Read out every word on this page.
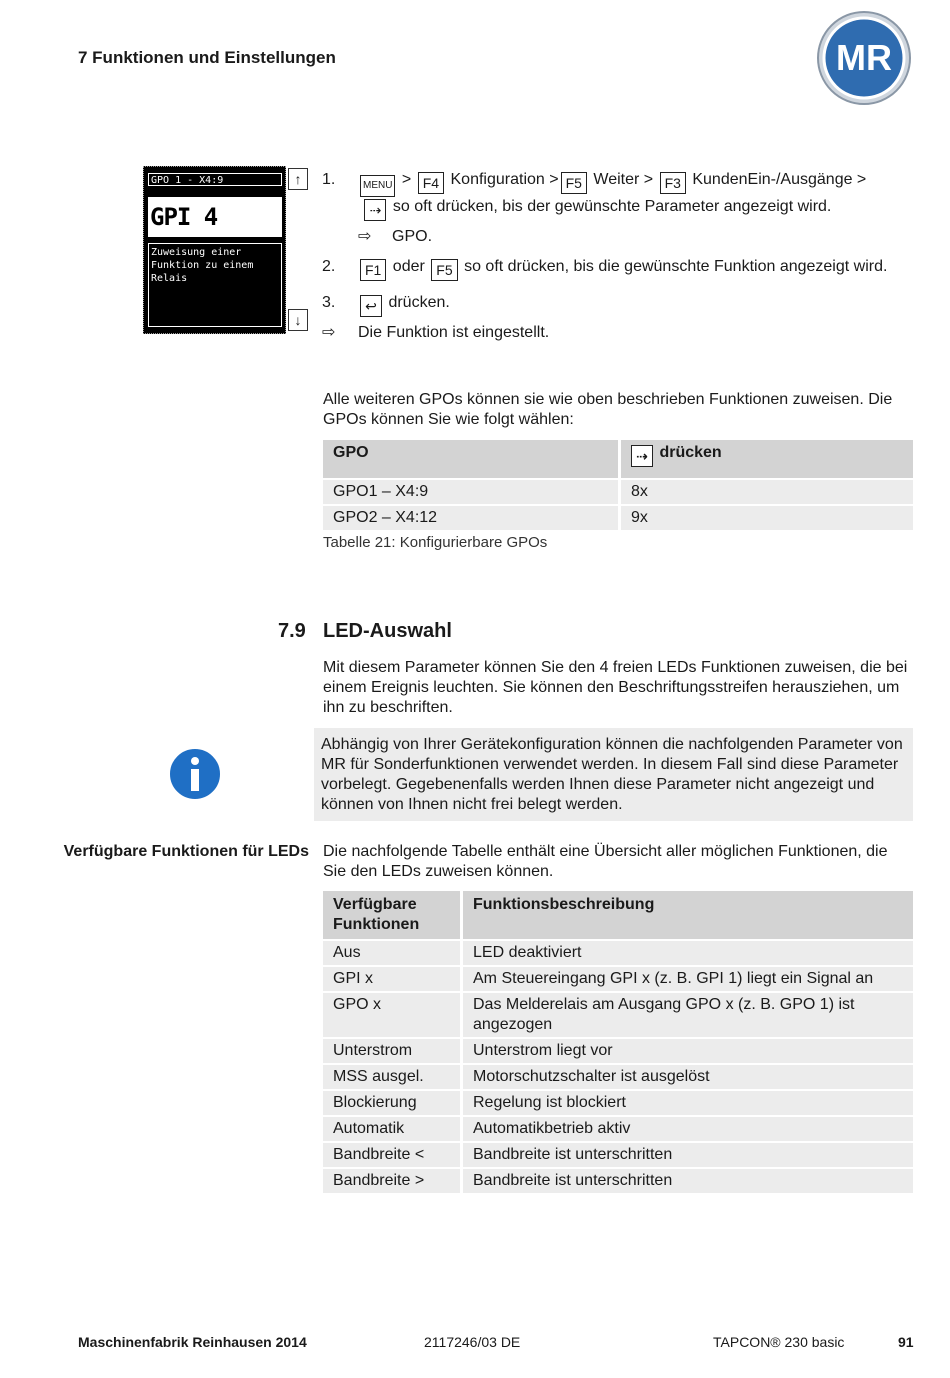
7 Funktionen und Einstellungen	MR
GPO 1 - X4:9
GPI 4
Zuweisung einer Funktion zu einem Relais
↑
↓
1.	MENU > F4 Konfiguration > F5 Weiter > F3 KundenEin-/Ausgänge >
⇢ so oft drücken, bis der gewünschte Parameter angezeigt wird.
⇨	GPO.
2.	F1 oder F5 so oft drücken, bis die gewünschte Funktion angezeigt wird.
3.	↩ drücken.
⇨	Die Funktion ist eingestellt.
Alle weiteren GPOs können sie wie oben beschrieben Funktionen zuweisen. Die GPOs können Sie wie folgt wählen:
GPO	⇢ drücken
GPO1 – X4:9	8x
GPO2 – X4:12	9x
Tabelle 21: Konfigurierbare GPOs
7.9 LED-Auswahl
Mit diesem Parameter können Sie den 4 freien LEDs Funktionen zuweisen, die bei einem Ereignis leuchten. Sie können den Beschriftungsstreifen herausziehen, um ihn zu beschriften.
Abhängig von Ihrer Gerätekonfiguration können die nachfolgenden Parameter von MR für Sonderfunktionen verwendet werden. In diesem Fall sind diese Parameter vorbelegt. Gegebenenfalls werden Ihnen diese Parameter nicht angezeigt und können von Ihnen nicht frei belegt werden.
Verfügbare Funktionen für LEDs Die nachfolgende Tabelle enthält eine Übersicht aller möglichen Funktionen, die Sie den LEDs zuweisen können.
Verfügbare Funktionen	Funktionsbeschreibung
Aus	LED deaktiviert
GPI x	Am Steuereingang GPI x (z. B. GPI 1) liegt ein Signal an
GPO x	Das Melderelais am Ausgang GPO x (z. B. GPO 1) ist angezogen
Unterstrom	Unterstrom liegt vor
MSS ausgel.	Motorschutzschalter ist ausgelöst
Blockierung	Regelung ist blockiert
Automatik	Automatikbetrieb aktiv
Bandbreite <	Bandbreite ist unterschritten
Bandbreite >	Bandbreite ist unterschritten
Maschinenfabrik Reinhausen 2014	2117246/03 DE	TAPCON® 230 basic	91
